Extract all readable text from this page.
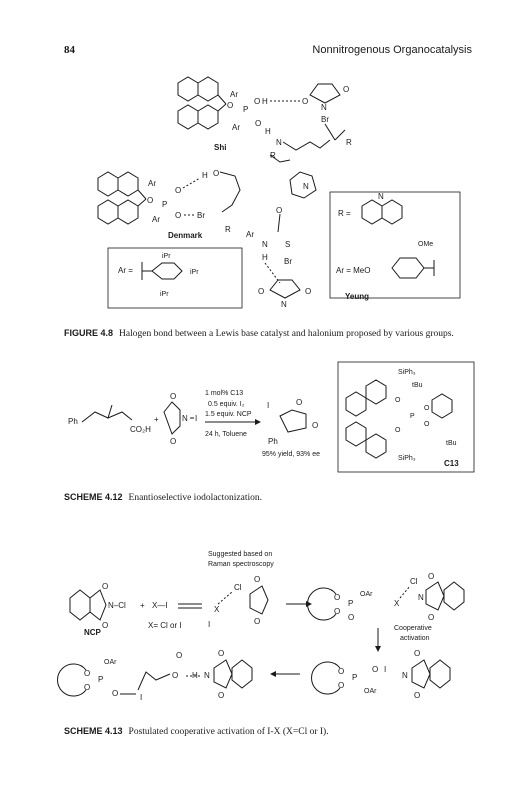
84	Nonnitrogenous Organocatalysis
Ar
Ar
O P
O H
O
H
N
R
Shi
O
O
N
Br
R
Ar
Ar
O P
O
O
H O
Br
R
Denmark
Ar =
iPr
iPr
iPr
N
O
Ar
N S
H Br
O	O
N
R =
N
OMe
Ar = MeO
Yeung
Ph
CO₂H
+
O
O
N I
1 mol% C13
0.5 equiv. I₂
1.5 equiv. NCP
24 h, Toluene
I	O
O
Ph
95% yield, 93% ee
SiPh₃
SiPh₃
tBu
tBu
O
O
P
O
O
C13
O
O
N–Cl
NCP
+ X—I
X= Cl or I
Suggested based on
Raman spectroscopy
Cl
X
I
O
O
O
O
P
OAr
O
X
Cl
O
O
N
Cooperative
activation
O
O
P
O I
OAr
O
O
N
O
O
N
H
O
O
I
O
O
P
OAr
O
FIGURE 4.8 Halogen bond between a Lewis base catalyst and halonium proposed by various groups.
SCHEME 4.12 Enantioselective iodolactonization.
SCHEME 4.13 Postulated cooperative activation of I-X (X=Cl or I).
